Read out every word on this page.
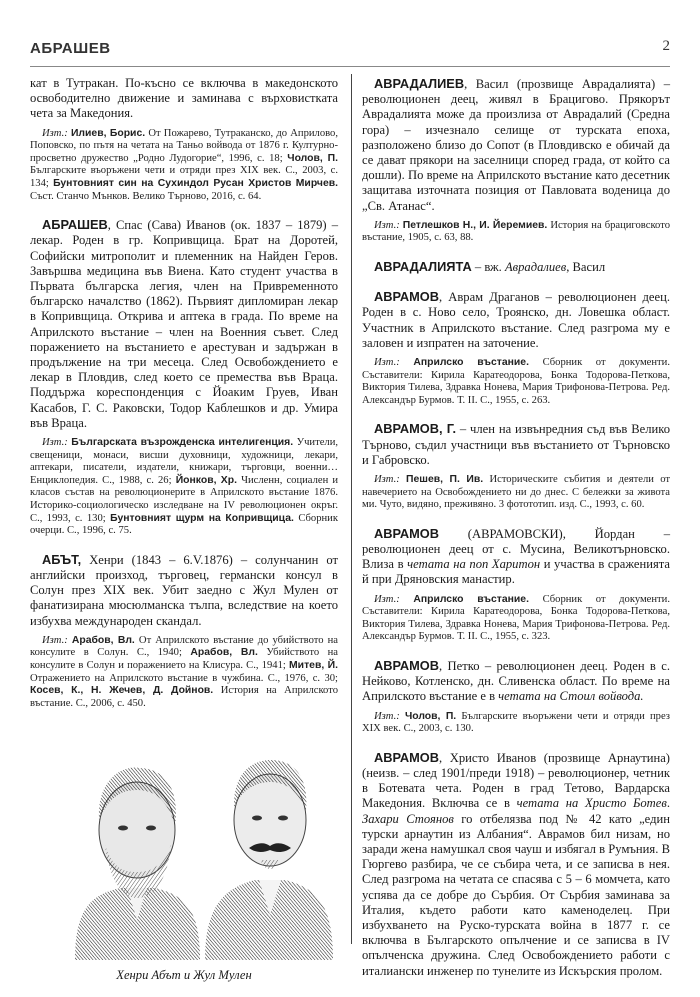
АБРАШЕВ	2

кат в Тутракан. По-късно се включва в македонското освободително движение и заминава с върховистката чета за Македония.

Изт.: Илиев, Борис. От Пожарево, Тутраканско, до Априлово, Поповско, по пътя на четата на Таньо войвода от 1876 г. Културно-просветно дружество „Родно Лудогорие“, 1996, с. 18; Чолов, П. Българските въоръжени чети и отряди през XIX век. С., 2003, с. 134; Бунтовният син на Сухиндол Русан Христов Мирчев. Съст. Станчо Мънков. Велико Търново, 2016, с. 64.

АБРАШЕВ, Спас (Сава) Иванов (ок. 1837 – 1879) – лекар. Роден в гр. Копривщица. Брат на Доротей, Софийски митрополит и племенник на Найден Геров. Завършва медицина във Виена. Като студент участва в Първата българска легия, член на Привременното българско началство (1862). Първият дипломиран лекар в Копривщица. Открива и аптека в града. По време на Априлското въстание – член на Военния съвет. След поражението на въстанието е арестуван и задържан в продължение на три месеца. След Освобождението е лекар в Пловдив, след което се премества във Враца. Поддържа кореспонденция с Йоаким Груев, Иван Касабов, Г. С. Раковски, Тодор Каблешков и др. Умира във Враца.

Изт.: Българската възрожденска интелигенция. Учители, свещеници, монаси, висши духовници, художници, лекари, аптекари, писатели, издатели, книжари, търговци, военни… Енциклопедия. С., 1988, с. 26; Йонков, Хр. Численн, социален и класов състав на революционерите в Априлското въстание 1876. Историко-социологическо изследване на IV революционен окръг. С., 1993, с. 130; Бунтовният щурм на Копривщица. Сборник очерци. С., 1996, с. 75.

АБЪТ, Хенри (1843 – 6.V.1876) – солунчанин от английски произход, търговец, германски консул в Солун през XIX век. Убит заедно с Жул Мулен от фанатизирана мюсюлманска тълпа, вследствие на което избухва международен скандал.

Изт.: Арабов, Вл. От Априлското въстание до убийството на консулите в Солун. С., 1940; Арабов, Вл. Убийството на консулите в Солун и поражението на Клисура. С., 1941; Митев, Й. Отражението на Априлското въстание в чужбина. С., 1976, с. 30; Косев, К., Н. Жечев, Д. Дойнов. История на Априлското въстание. С., 2006, с. 450.

Хенри Абът и Жул Мулен

АВРАДАЛИЕВ, Васил (прозвище Аврадалията) – революционен деец, живял в Брацигово. Прякорът Аврадалията може да произлиза от Аврадалий (Средна гора) – изчезнало селище от турската епоха, разположено близо до Сопот (в Пловдивско е обичай да се дават прякори на заселници според града, от който са дошли). По време на Априлското въстание като десетник защитава източната позиция от Павловата воденица до „Св. Атанас“.

Изт.: Петлешков Н., И. Йеремиев. История на брациговското въстание, 1905, с. 63, 88.

АВРАДАЛИЯТА – вж. Аврадалиев, Васил

АВРАМОВ, Аврам Драганов – революционен деец. Роден в с. Ново село, Троянско, дн. Ловешка област. Участник в Априлското въстание. След разгрома му е заловен и изпратен на заточение.

Изт.: Априлско въстание. Сборник от документи. Съставители: Кирила Каратеодорова, Бонка Тодорова-Петкова, Виктория Тилева, Здравка Нонева, Мария Трифонова-Петрова. Ред. Александър Бурмов. Т. II. С., 1955, с. 263.

АВРАМОВ, Г. – член на извънредния съд във Велико Търново, съдил участници във въстанието от Търновско и Габровско.

Изт.: Пешев, П. Ив. Историческите събития и деятели от навечерието на Освобождението ни до днес. С бележки за живота ми. Чуто, видяно, преживяно. 3 фотототип. изд. С., 1993, с. 60.

АВРАМОВ (АВРАМОВСКИ), Йордан – революционен деец от с. Мусина, Великотърновско. Влиза в четата на поп Харитон и участва в сраженията й при Дряновския манастир.

Изт.: Априлско въстание. Сборник от документи. Съставители: Кирила Каратеодорова, Бонка Тодорова-Петкова, Виктория Тилева, Здравка Нонева, Мария Трифонова-Петрова. Ред. Александър Бурмов. Т. II. С., 1955, с. 323.

АВРАМОВ, Петко – революционен деец. Роден в с. Нейково, Котленско, дн. Сливенска област. По време на Априлското въстание е в четата на Стоил войвода.

Изт.: Чолов, П. Българските въоръжени чети и отряди през XIX век. С., 2003, с. 130.

АВРАМОВ, Христо Иванов (прозвище Арнаутина) (неизв. – след 1901/преди 1918) – революционер, четник в Ботевата чета. Роден в град Тетово, Вардарска Македония. Включва се в четата на Христо Ботев. Захари Стоянов го отбелязва под № 42 като „един турски арнаутин из Албания“. Аврамов бил низам, но заради жена намушкал своя чауш и избягал в Румъния. В Гюргево разбира, че се събира чета, и се записва в нея. След разгрома на четата се спасява с 5 – 6 момчета, като успява да се добре до Сърбия. От Сърбия заминава за Италия, където работи като каменоделец. При избухването на Руско-турската война в 1877 г. се включва в Българското опълчение и се записва в IV опълченска дружина. След Освобождението работи с италиански инженер по тунелите из Искърския пролом.
